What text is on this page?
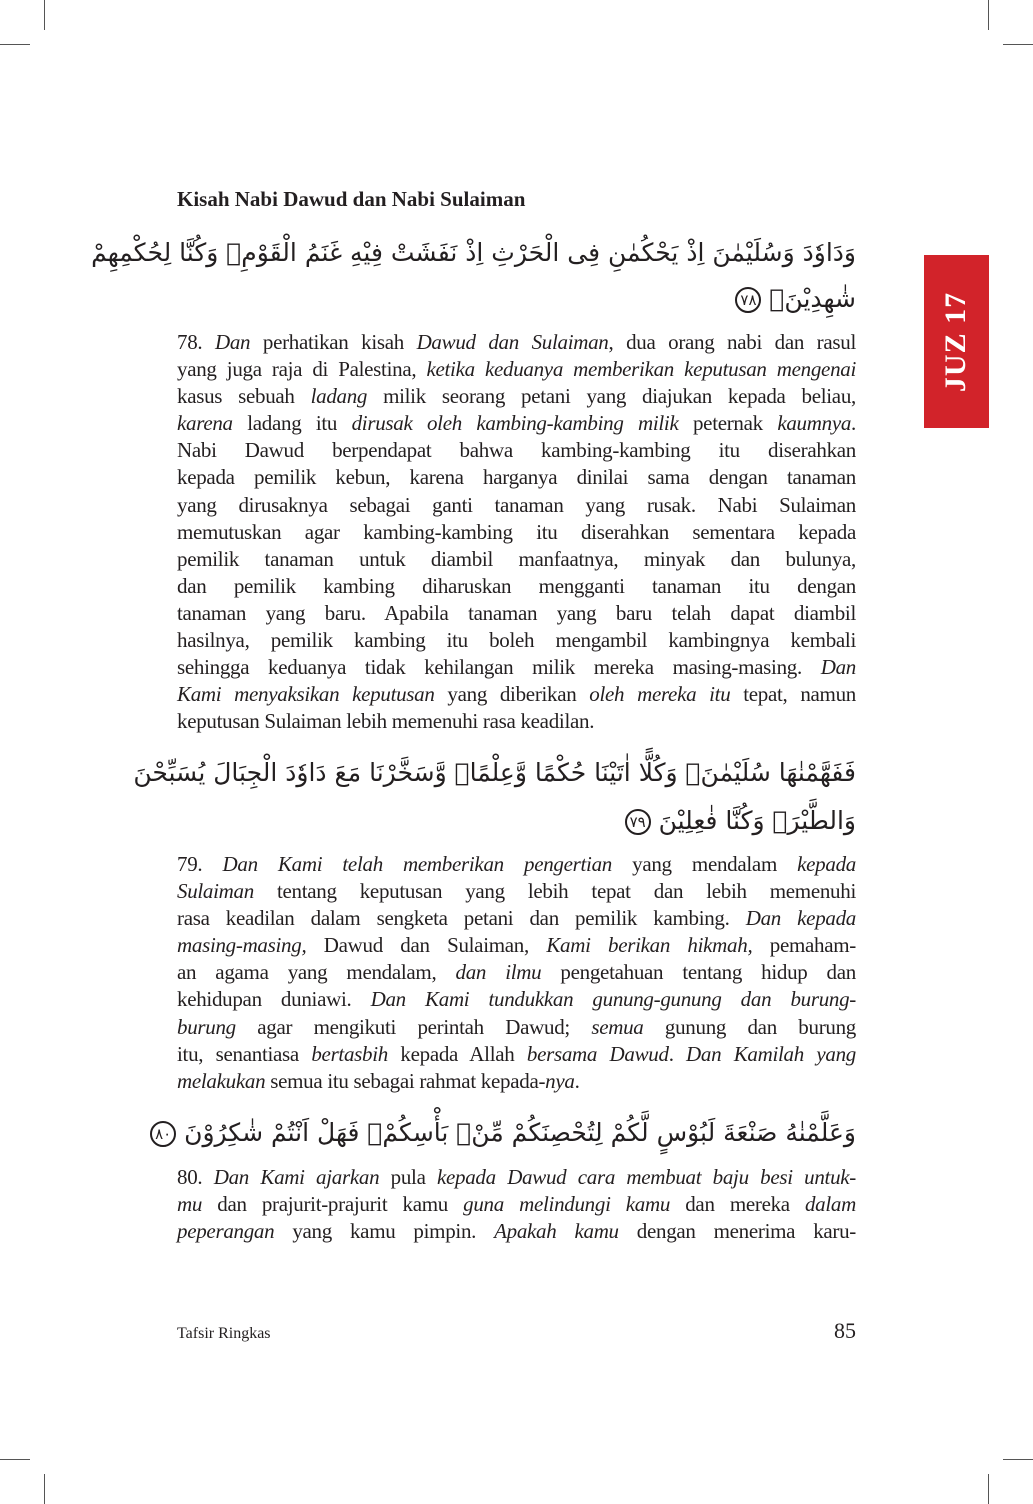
Kisah Nabi Dawud dan Nabi Sulaiman
JUZ 17
وَدَاوٗدَ وَسُلَيْمٰنَ اِذْ يَحْكُمٰنِ فِى الْحَرْثِ اِذْ نَفَشَتْ فِيْهِ غَنَمُ الْقَوْمِۚ وَكُنَّا لِحُكْمِهِمْ
شٰهِدِيْنَۙ ٧٨
78. Dan perhatikan kisah Dawud dan Sulaiman, dua orang nabi dan rasul
yang juga raja di Palestina, ketika keduanya memberikan keputusan mengenai
kasus sebuah ladang milik seorang petani yang diajukan kepada beliau,
karena ladang itu dirusak oleh kambing-kambing milik peternak kaumnya.
Nabi Dawud berpendapat bahwa kambing-kambing itu diserahkan
kepada pemilik kebun, karena harganya dinilai sama dengan tanaman
yang dirusaknya sebagai ganti tanaman yang rusak. Nabi Sulaiman
memutuskan agar kambing-kambing itu diserahkan sementara kepada
pemilik tanaman untuk diambil manfaatnya, minyak dan bulunya,
dan pemilik kambing diharuskan mengganti tanaman itu dengan
tanaman yang baru. Apabila tanaman yang baru telah dapat diambil
hasilnya, pemilik kambing itu boleh mengambil kambingnya kembali
sehingga keduanya tidak kehilangan milik mereka masing-masing. Dan
Kami menyaksikan keputusan yang diberikan oleh mereka itu tepat, namun
keputusan Sulaiman lebih memenuhi rasa keadilan.
فَفَهَّمْنٰهَا سُلَيْمٰنَۚ وَكُلًّا اٰتَيْنَا حُكْمًا وَّعِلْمًاۖ وَّسَخَّرْنَا مَعَ دَاوٗدَ الْجِبَالَ يُسَبِّحْنَ
وَالطَّيْرَۗ وَكُنَّا فٰعِلِيْنَ ٧٩
79. Dan Kami telah memberikan pengertian yang mendalam kepada
Sulaiman tentang keputusan yang lebih tepat dan lebih memenuhi
rasa keadilan dalam sengketa petani dan pemilik kambing. Dan kepada
masing-masing, Dawud dan Sulaiman, Kami berikan hikmah, pemaham-
an agama yang mendalam, dan ilmu pengetahuan tentang hidup dan
kehidupan duniawi. Dan Kami tundukkan gunung-gunung dan burung-
burung agar mengikuti perintah Dawud; semua gunung dan burung
itu, senantiasa bertasbih kepada Allah bersama Dawud. Dan Kamilah yang
melakukan semua itu sebagai rahmat kepada-nya.
وَعَلَّمْنٰهُ صَنْعَةَ لَبُوْسٍ لَّكُمْ لِتُحْصِنَكُمْ مِّنْۢ بَأْسِكُمْۚ فَهَلْ اَنْتُمْ شٰكِرُوْنَ ٨٠
80. Dan Kami ajarkan pula kepada Dawud cara membuat baju besi untuk-
mu dan prajurit-prajurit kamu guna melindungi kamu dan mereka dalam
peperangan yang kamu pimpin. Apakah kamu dengan menerima karu-
Tafsir Ringkas	85
